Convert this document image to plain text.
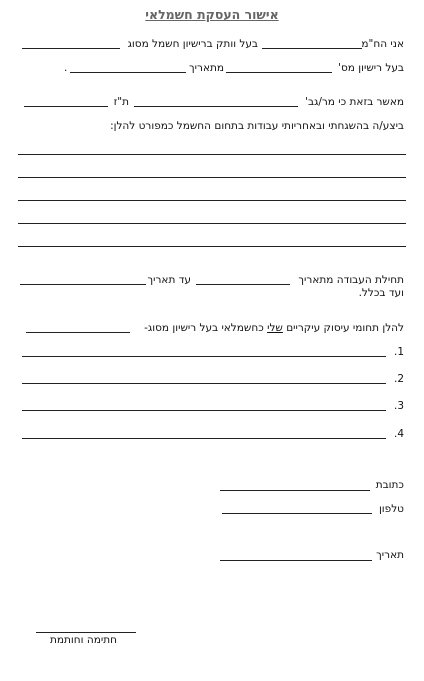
אישור העסקת חשמלאי
אני הח"מ
בעל וותק ברישיון חשמל מסוג
בעל רישיון מס'
מתאריך
.
מאשר בזאת כי מר/גב'
ת"ז
ביצע/ה בהשגחתי ובאחריותי עבודות בתחום החשמל כמפורט להלן:
תחילת העבודה מתאריך
עד תאריך
ועד בכלל.
להלן תחומי עיסוק עיקריים שלי כחשמלאי בעל רישיון מסוג-
1.
2.
3.
4.
כתובת
טלפון
תאריך
חתימה וחותמת
